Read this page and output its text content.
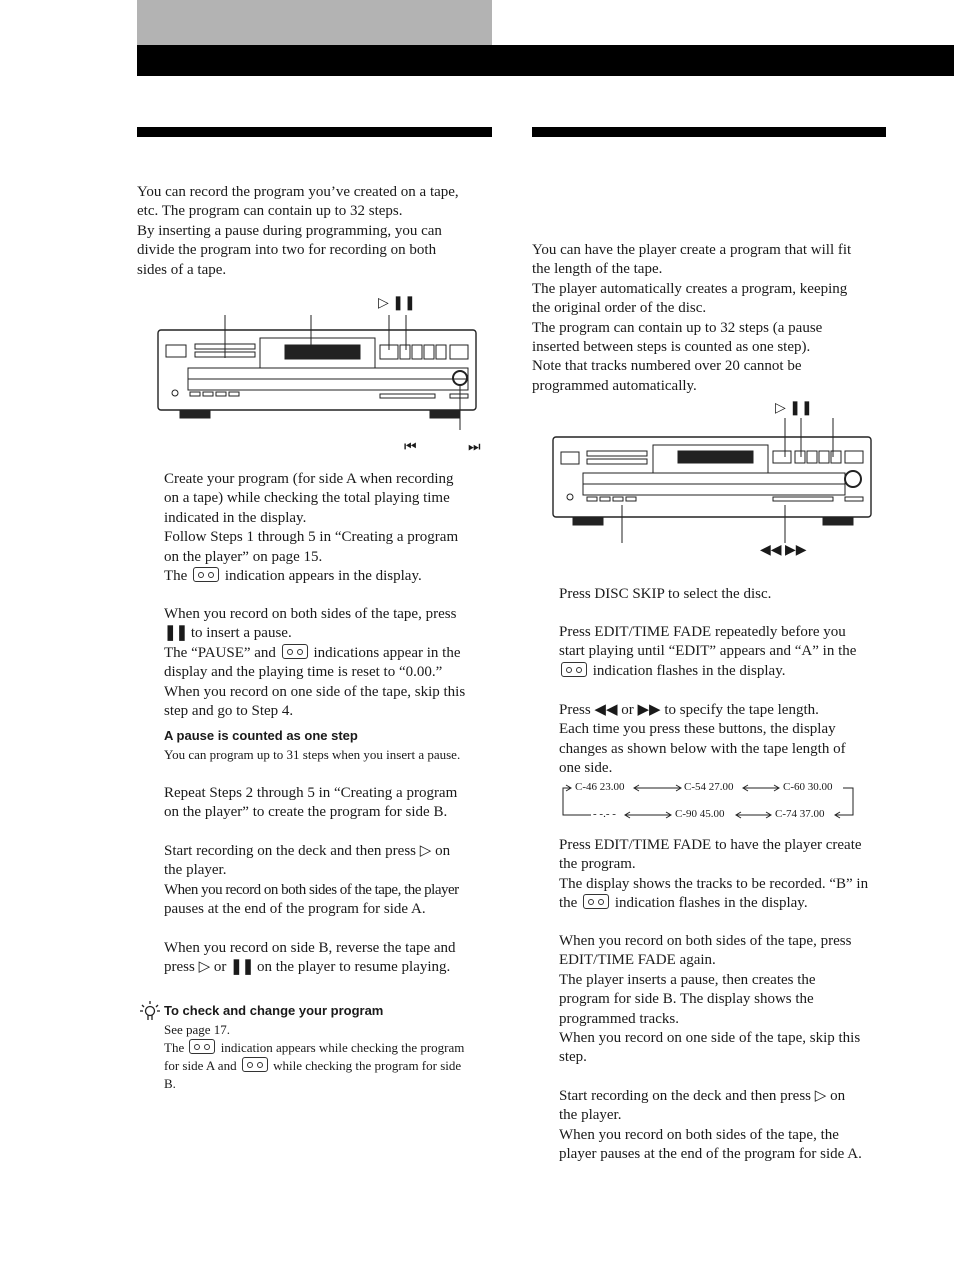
You can record the program you’ve created on a tape,

etc. The program can contain up to 32 steps.

By inserting a pause during programming, you can

divide the program into two for recording on both

sides of a tape.

▷ ❚❚
⏮	⏭

Create your program (for side A when recording

on a tape) while checking the total playing time

indicated in the display.

Follow Steps 1 through 5 in “Creating a program

on the player” on page 15.

The	indication appears in the display.

When you record on both sides of the tape, press

❚❚ to insert a pause.

The “PAUSE” and	indications appear in the

display and the playing time is reset to “0.00.”

When you record on one side of the tape, skip this

step and go to Step 4.

A pause is counted as one step
You can program up to 31 steps when you insert a pause.

Repeat Steps 2 through 5 in “Creating a program

on the player” to create the program for side B.

Start recording on the deck and then press ▷ on

the player.

When you record on both sides of the tape, the player

pauses at the end of the program for side A.

When you record on side B, reverse the tape and

press ▷ or ❚❚ on the player to resume playing.

To check and change your program
See page 17.
The	indication appears while checking the program
for side A and	while checking the program for side
B.

You can have the player create a program that will fit

the length of the tape.

The player automatically creates a program, keeping

the original order of the disc.

The program can contain up to 32 steps (a pause

inserted between steps is counted as one step).

Note that tracks numbered over 20 cannot be

programmed automatically.

▷ ❚❚
◀◀ ▶▶

Press DISC SKIP to select the disc.

Press EDIT/TIME FADE repeatedly before you

start playing until “EDIT” appears and “A” in the

indication flashes in the display.

Press ◀◀ or ▶▶ to specify the tape length.

Each time you press these buttons, the display

changes as shown below with the tape length of

one side.

C-46 23.00	C-54 27.00	C-60 30.00
- -.- -	C-90 45.00	C-74 37.00

Press EDIT/TIME FADE to have the player create

the program.

The display shows the tracks to be recorded. “B” in

the	indication flashes in the display.

When you record on both sides of the tape, press

EDIT/TIME FADE again.

The player inserts a pause, then creates the

program for side B. The display shows the

programmed tracks.

When you record on one side of the tape, skip this

step.

Start recording on the deck and then press ▷ on

the player.

When you record on both sides of the tape, the

player pauses at the end of the program for side A.
